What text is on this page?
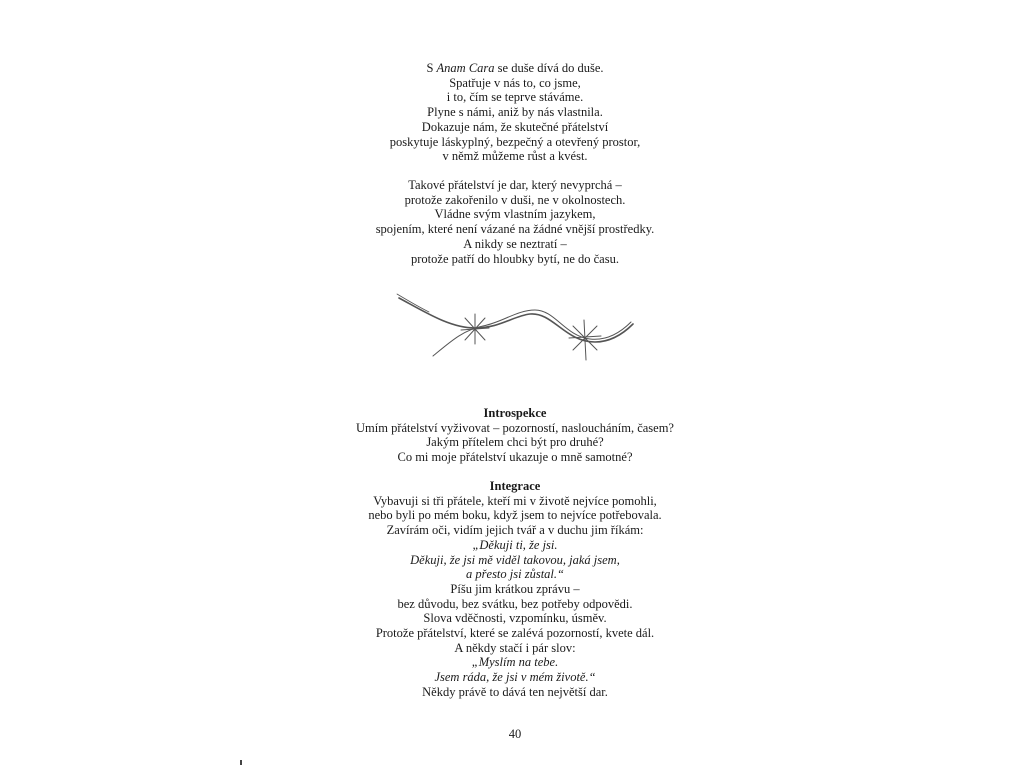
S Anam Cara se duše dívá do duše.
Spatřuje v nás to, co jsme,
i to, čím se teprve stáváme.
Plyne s námi, aniž by nás vlastnila.
Dokazuje nám, že skutečné přátelství
poskytuje láskyplný, bezpečný a otevřený prostor,
v němž můžeme růst a kvést.
Takové přátelství je dar, který nevyprchá –
protože zakořenilo v duši, ne v okolnostech.
Vládne svým vlastním jazykem,
spojením, které není vázané na žádné vnější prostředky.
A nikdy se neztratí –
protože patří do hloubky bytí, ne do času.
Introspekce
Umím přátelství vyživovat – pozorností, nasloucháním, časem?
Jakým přítelem chci být pro druhé?
Co mi moje přátelství ukazuje o mně samotné?
Integrace
Vybavuji si tři přátele, kteří mi v životě nejvíce pomohli,
nebo byli po mém boku, když jsem to nejvíce potřebovala.
Zavírám oči, vidím jejich tvář a v duchu jim říkám:
„Děkuji ti, že jsi.
Děkuji, že jsi mě viděl takovou, jaká jsem,
a přesto jsi zůstal.“
Píšu jim krátkou zprávu –
bez důvodu, bez svátku, bez potřeby odpovědi.
Slova vděčnosti, vzpomínku, úsměv.
Protože přátelství, které se zalévá pozorností, kvete dál.
A někdy stačí i pár slov:
„Myslím na tebe.
Jsem ráda, že jsi v mém životě.“
Někdy právě to dává ten největší dar.
40
